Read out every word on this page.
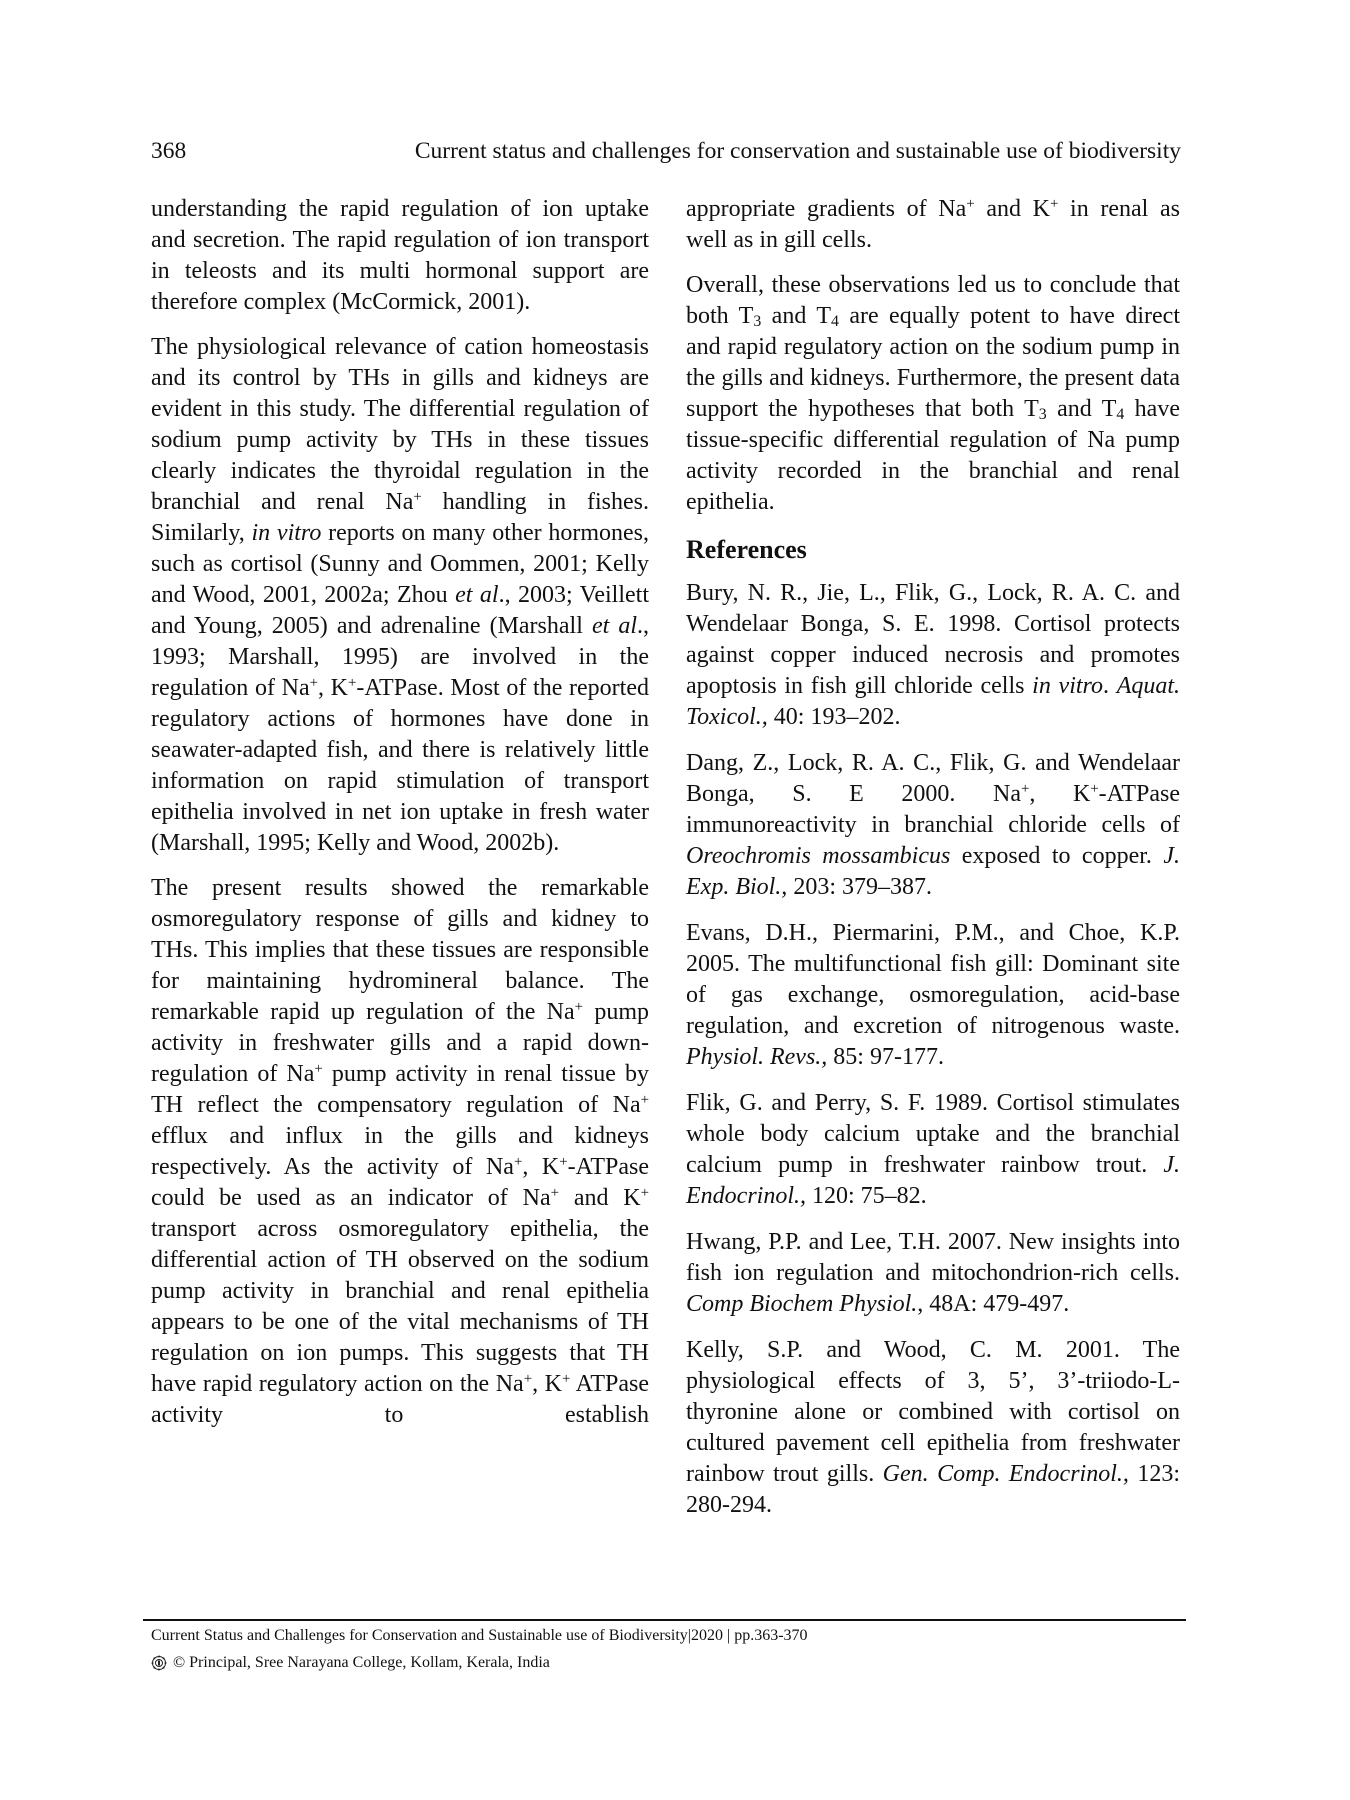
368	Current status and challenges for conservation and sustainable use of biodiversity

understanding the rapid regulation of ion uptake and secretion. The rapid regulation of ion transport in teleosts and its multi hormonal support are therefore complex (McCormick, 2001).

The physiological relevance of cation homeostasis and its control by THs in gills and kidneys are evident in this study. The differential regulation of sodium pump activity by THs in these tissues clearly indicates the thyroidal regulation in the branchial and renal Na+ handling in fishes. Similarly, in vitro reports on many other hormones, such as cortisol (Sunny and Oommen, 2001; Kelly and Wood, 2001, 2002a; Zhou et al., 2003; Veillett and Young, 2005) and adrenaline (Marshall et al., 1993; Marshall, 1995) are involved in the regulation of Na+, K+-ATPase. Most of the reported regulatory actions of hormones have done in seawater-adapted fish, and there is relatively little information on rapid stimulation of transport epithelia involved in net ion uptake in fresh water (Marshall, 1995; Kelly and Wood, 2002b).

The present results showed the remarkable osmoregulatory response of gills and kidney to THs. This implies that these tissues are responsible for maintaining hydromineral balance. The remarkable rapid up regulation of the Na+ pump activity in freshwater gills and a rapid down-regulation of Na+ pump activity in renal tissue by TH reflect the compensatory regulation of Na+ efflux and influx in the gills and kidneys respectively. As the activity of Na+, K+-ATPase could be used as an indicator of Na+ and K+ transport across osmoregulatory epithelia, the differential action of TH observed on the sodium pump activity in branchial and renal epithelia appears to be one of the vital mechanisms of TH regulation on ion pumps. This suggests that TH have rapid regulatory action on the Na+, K+ ATPase activity to establish

appropriate gradients of Na+ and K+ in renal as well as in gill cells.

Overall, these observations led us to conclude that both $T_3$ and $T_4$ are equally potent to have direct and rapid regulatory action on the sodium pump in the gills and kidneys. Furthermore, the present data support the hypotheses that both $T_3$ and $T_4$ have tissue-specific differential regulation of Na pump activity recorded in the branchial and renal epithelia.

References
Bury, N. R., Jie, L., Flik, G., Lock, R. A. C. and Wendelaar Bonga, S. E. 1998. Cortisol protects against copper induced necrosis and promotes apoptosis in fish gill chloride cells in vitro. Aquat. Toxicol., 40: 193–202.
Dang, Z., Lock, R. A. C., Flik, G. and Wendelaar Bonga, S. E 2000. Na+, K+-ATPase immunoreactivity in branchial chloride cells of Oreochromis mossambicus exposed to copper. J. Exp. Biol., 203: 379–387.
Evans, D.H., Piermarini, P.M., and Choe, K.P. 2005. The multifunctional fish gill: Dominant site of gas exchange, osmoregulation, acid-base regulation, and excretion of nitrogenous waste. Physiol. Revs., 85: 97-177.
Flik, G. and Perry, S. F. 1989. Cortisol stimulates whole body calcium uptake and the branchial calcium pump in freshwater rainbow trout. J. Endocrinol., 120: 75–82.
Hwang, P.P. and Lee, T.H. 2007. New insights into fish ion regulation and mitochondrion-rich cells. Comp Biochem Physiol., 48A: 479-497.
Kelly, S.P. and Wood, C. M. 2001. The physiological effects of 3, 5’, 3’-triiodo-L-thyronine alone or combined with cortisol on cultured pavement cell epithelia from freshwater rainbow trout gills. Gen. Comp. Endocrinol., 123: 280-294.
Current Status and Challenges for Conservation and Sustainable use of Biodiversity|2020 | pp.363-370
© Principal, Sree Narayana College, Kollam, Kerala, India
